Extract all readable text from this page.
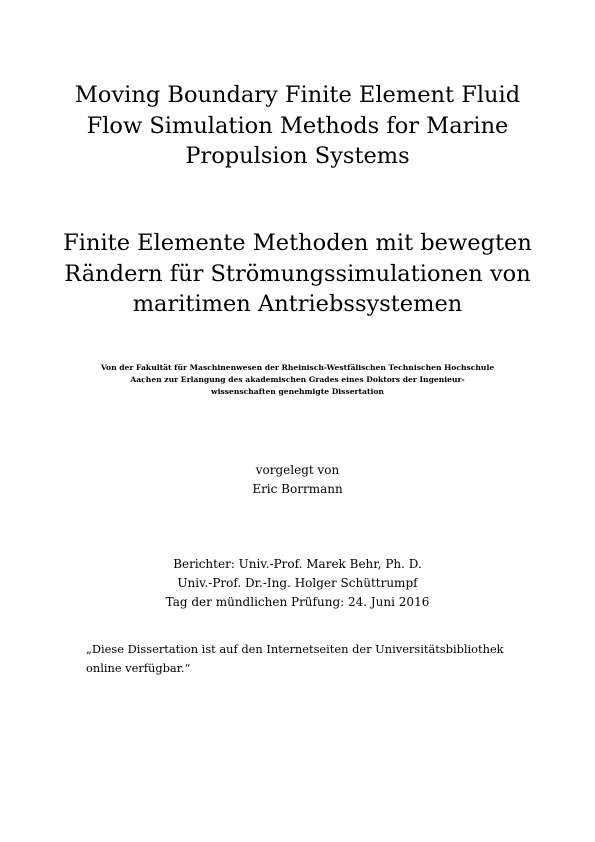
Moving Boundary Finite Element Fluid
Flow Simulation Methods for Marine
Propulsion Systems
Finite Elemente Methoden mit bewegten
Rändern für Strömungssimulationen von
maritimen Antriebssystemen
Von der Fakultät für Maschinenwesen der Rheinisch-Westfälischen Technischen Hochschule
Aachen zur Erlangung des akademischen Grades eines Doktors der Ingenieur-
wissenschaften genehmigte Dissertation
vorgelegt von
Eric Borrmann
Berichter: Univ.-Prof. Marek Behr, Ph. D.
Univ.-Prof. Dr.-Ing. Holger Schüttrumpf
Tag der mündlichen Prüfung: 24. Juni 2016
„Diese Dissertation ist auf den Internetseiten der Universitätsbibliothek
online verfügbar.“
